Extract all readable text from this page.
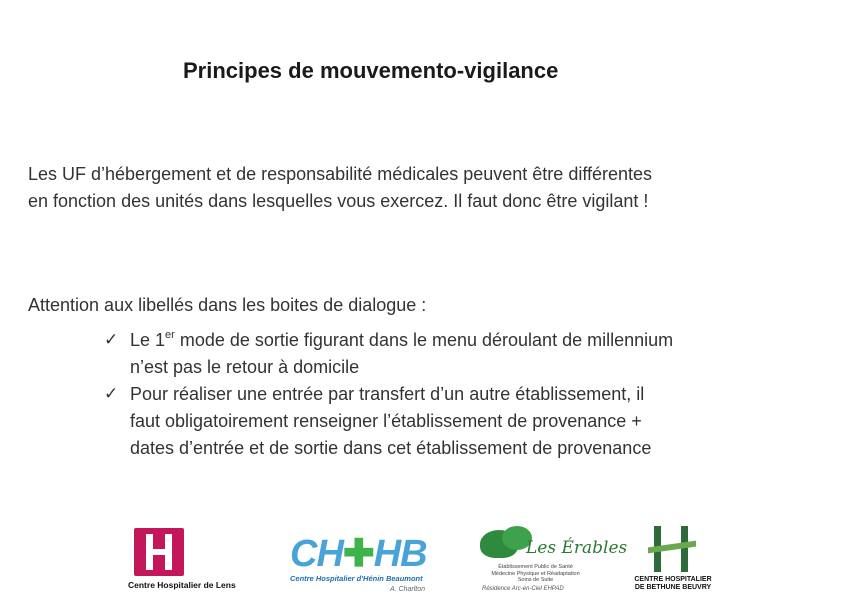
Principes de mouvemento-vigilance
Les UF d’hébergement et de responsabilité médicales peuvent être différentes
en fonction des unités dans lesquelles vous exercez. Il faut donc être vigilant !
Attention aux libellés dans les boites de dialogue :
✓ Le 1er mode de sortie figurant dans le menu déroulant de millennium
n’est pas le retour à domicile
✓ Pour réaliser une entrée par transfert d’un autre établissement, il
faut obligatoirement renseigner l’établissement de provenance +
dates d’entrée et de sortie dans cet établissement de provenance
Centre Hospitalier de Lens
CH✚HB
Centre Hospitalier d'Hénin Beaumont
A. Charlton
Les Érables
Établissement Public de Santé
Médecine Physique et Réadaptation
Soins de Suite
Résidence Arc-en-Ciel EHPAD
CENTRE HOSPITALIER
DE BETHUNE BEUVRY
